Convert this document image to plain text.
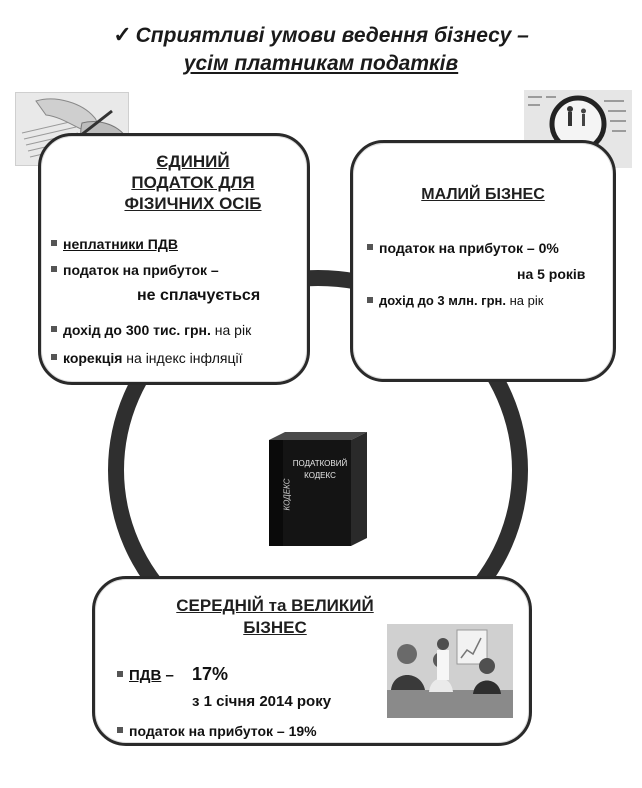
✓ Сприятливі умови ведення бізнесу –
усім платникам податків
ЄДИНИЙ
ПОДАТОК ДЛЯ
ФІЗИЧНИХ ОСІБ
неплатники ПДВ
податок на прибуток –
не сплачується
дохід до 300 тис. грн. на рік
корекція на індекс інфляції
МАЛИЙ БІЗНЕС
податок на прибуток – 0%
на 5 років
дохід до 3 млн. грн. на рік
КОДЕКС
ПОДАТКОВИЙ
КОДЕКС
СЕРЕДНІЙ та ВЕЛИКИЙ
БІЗНЕС
ПДВ – 17%
з 1 січня 2014 року
податок на прибуток – 19%
